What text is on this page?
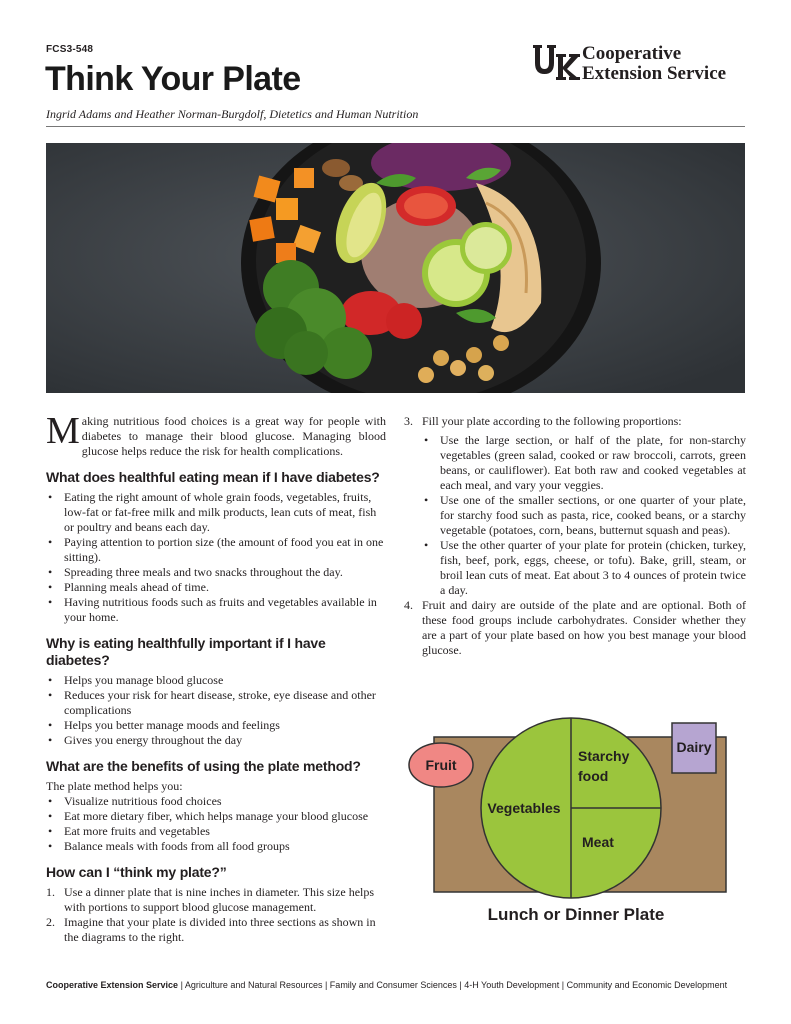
FCS3-548
Think Your Plate
Ingrid Adams and Heather Norman-Burgdolf, Dietetics and Human Nutrition
Cooperative
Extension Service

Making nutritious food choices is a great way for people with diabetes to manage their blood glucose. Managing blood glucose helps reduce the risk for health complications.

What does healthful eating mean if I have diabetes?
• Eating the right amount of whole grain foods, vegetables, fruits, low-fat or fat-free milk and milk products, lean cuts of meat, fish or poultry and beans each day.
• Paying attention to portion size (the amount of food you eat in one sitting).
• Spreading three meals and two snacks throughout the day.
• Planning meals ahead of time.
• Having nutritious foods such as fruits and vegetables available in your home.
Why is eating healthfully important if I have diabetes?
• Helps you manage blood glucose
• Reduces your risk for heart disease, stroke, eye disease and other complications
• Helps you better manage moods and feelings
• Gives you energy throughout the day
What are the benefits of using the plate method?

The plate method helps you:

• Visualize nutritious food choices
• Eat more dietary fiber, which helps manage your blood glucose
• Eat more fruits and vegetables
• Balance meals with foods from all food groups
How can I “think my plate?”
1. Use a dinner plate that is nine inches in diameter. This size helps with portions to support blood glucose management.
2. Imagine that your plate is divided into three sections as shown in the diagrams to the right.
3. Fill your plate according to the following proportions:
• Use the large section, or half of the plate, for non-starchy vegetables (green salad, cooked or raw broccoli, carrots, green beans, or cauliflower). Eat both raw and cooked vegetables at each meal, and vary your veggies.
• Use one of the smaller sections, or one quarter of your plate, for starchy food such as pasta, rice, cooked beans, or a starchy vegetable (potatoes, corn, beans, butternut squash and peas).
• Use the other quarter of your plate for protein (chicken, turkey, fish, beef, pork, eggs, cheese, or tofu). Bake, grill, steam, or broil lean cuts of meat. Eat about 3 to 4 ounces of protein twice a day.
4. Fruit and dairy are outside of the plate and are optional. Both of these food groups include carbohydrates. Consider whether they are a part of your plate based on how you best manage your blood glucose.
Fruit
Dairy
Vegetables
Starchy
food
Meat
Lunch or Dinner Plate
Cooperative Extension Service | Agriculture and Natural Resources | Family and Consumer Sciences | 4-H Youth Development | Community and Economic Development
